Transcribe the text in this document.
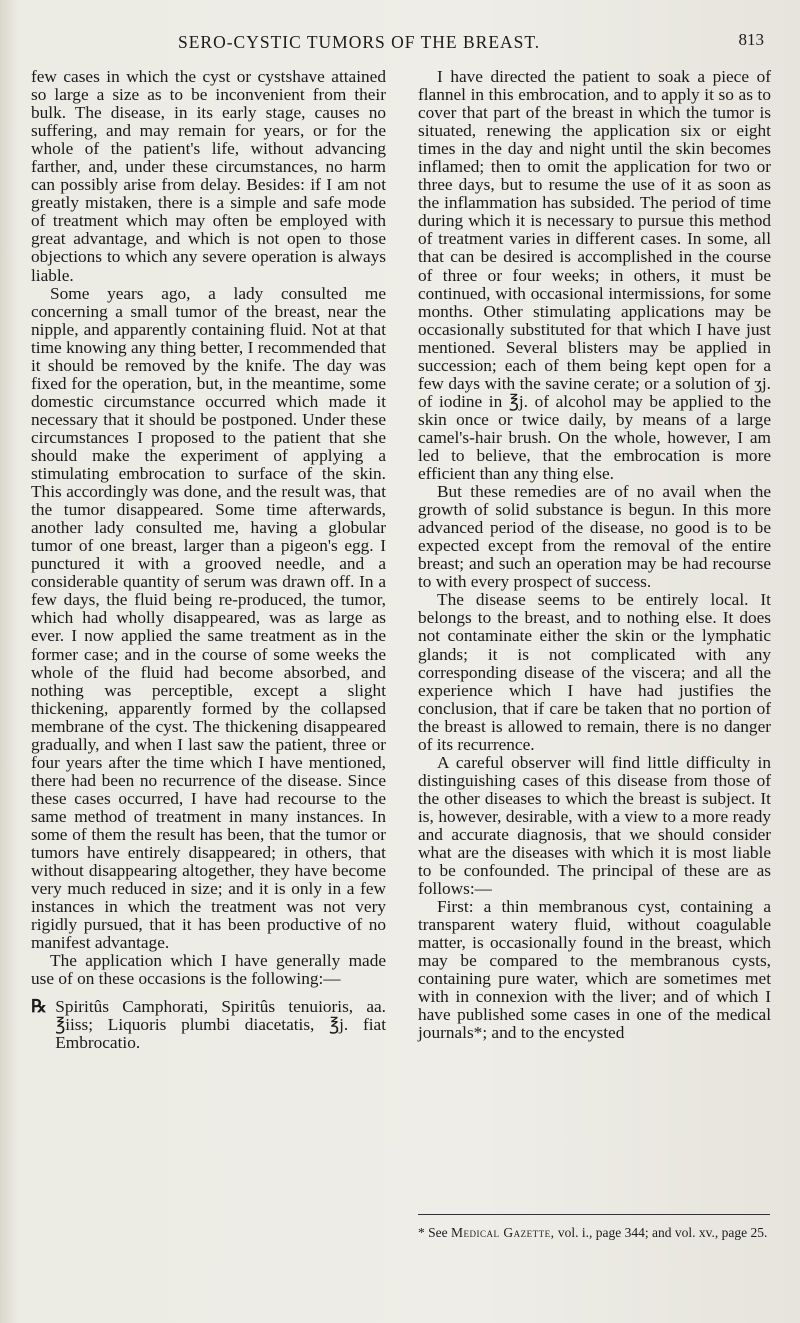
SERO-CYSTIC TUMORS OF THE BREAST.	813

few cases in which the cyst or cystshave attained so large a size as to be inconvenient from their bulk. The disease, in its early stage, causes no suffering, and may remain for years, or for the whole of the patient's life, without advancing farther, and, under these circumstances, no harm can possibly arise from delay. Besides: if I am not greatly mistaken, there is a simple and safe mode of treatment which may often be employed with great advantage, and which is not open to those objections to which any severe operation is always liable.

Some years ago, a lady consulted me concerning a small tumor of the breast, near the nipple, and apparently containing fluid. Not at that time knowing any thing better, I recommended that it should be removed by the knife. The day was fixed for the operation, but, in the meantime, some domestic circumstance occurred which made it necessary that it should be postponed. Under these circumstances I proposed to the patient that she should make the experiment of applying a stimulating embrocation to surface of the skin. This accordingly was done, and the result was, that the tumor disappeared. Some time afterwards, another lady consulted me, having a globular tumor of one breast, larger than a pigeon's egg. I punctured it with a grooved needle, and a considerable quantity of serum was drawn off. In a few days, the fluid being re-produced, the tumor, which had wholly disappeared, was as large as ever. I now applied the same treatment as in the former case; and in the course of some weeks the whole of the fluid had become absorbed, and nothing was perceptible, except a slight thickening, apparently formed by the collapsed membrane of the cyst. The thickening disappeared gradually, and when I last saw the patient, three or four years after the time which I have mentioned, there had been no recurrence of the disease. Since these cases occurred, I have had recourse to the same method of treatment in many instances. In some of them the result has been, that the tumor or tumors have entirely disappeared; in others, that without disappearing altogether, they have become very much reduced in size; and it is only in a few instances in which the treatment was not very rigidly pursued, that it has been productive of no manifest advantage.

The application which I have generally made use of on these occasions is the following:—

℞ Spiritûs Camphorati, Spiritûs tenuioris, aa. ℥iiss; Liquoris plumbi diacetatis, ℥j. fiat Embrocatio.

I have directed the patient to soak a piece of flannel in this embrocation, and to apply it so as to cover that part of the breast in which the tumor is situated, renewing the application six or eight times in the day and night until the skin becomes inflamed; then to omit the application for two or three days, but to resume the use of it as soon as the inflammation has subsided. The period of time during which it is necessary to pursue this method of treatment varies in different cases. In some, all that can be desired is accomplished in the course of three or four weeks; in others, it must be continued, with occasional intermissions, for some months. Other stimulating applications may be occasionally substituted for that which I have just mentioned. Several blisters may be applied in succession; each of them being kept open for a few days with the savine cerate; or a solution of ʒj. of iodine in ℥j. of alcohol may be applied to the skin once or twice daily, by means of a large camel's-hair brush. On the whole, however, I am led to believe, that the embrocation is more efficient than any thing else.

But these remedies are of no avail when the growth of solid substance is begun. In this more advanced period of the disease, no good is to be expected except from the removal of the entire breast; and such an operation may be had recourse to with every prospect of success.

The disease seems to be entirely local. It belongs to the breast, and to nothing else. It does not contaminate either the skin or the lymphatic glands; it is not complicated with any corresponding disease of the viscera; and all the experience which I have had justifies the conclusion, that if care be taken that no portion of the breast is allowed to remain, there is no danger of its recurrence.

A careful observer will find little difficulty in distinguishing cases of this disease from those of the other diseases to which the breast is subject. It is, however, desirable, with a view to a more ready and accurate diagnosis, that we should consider what are the diseases with which it is most liable to be confounded. The principal of these are as follows:—

First: a thin membranous cyst, containing a transparent watery fluid, without coagulable matter, is occasionally found in the breast, which may be compared to the membranous cysts, containing pure water, which are sometimes met with in connexion with the liver; and of which I have published some cases in one of the medical journals*; and to the encysted

* See Medical Gazette, vol. i., page 344; and vol. xv., page 25.
